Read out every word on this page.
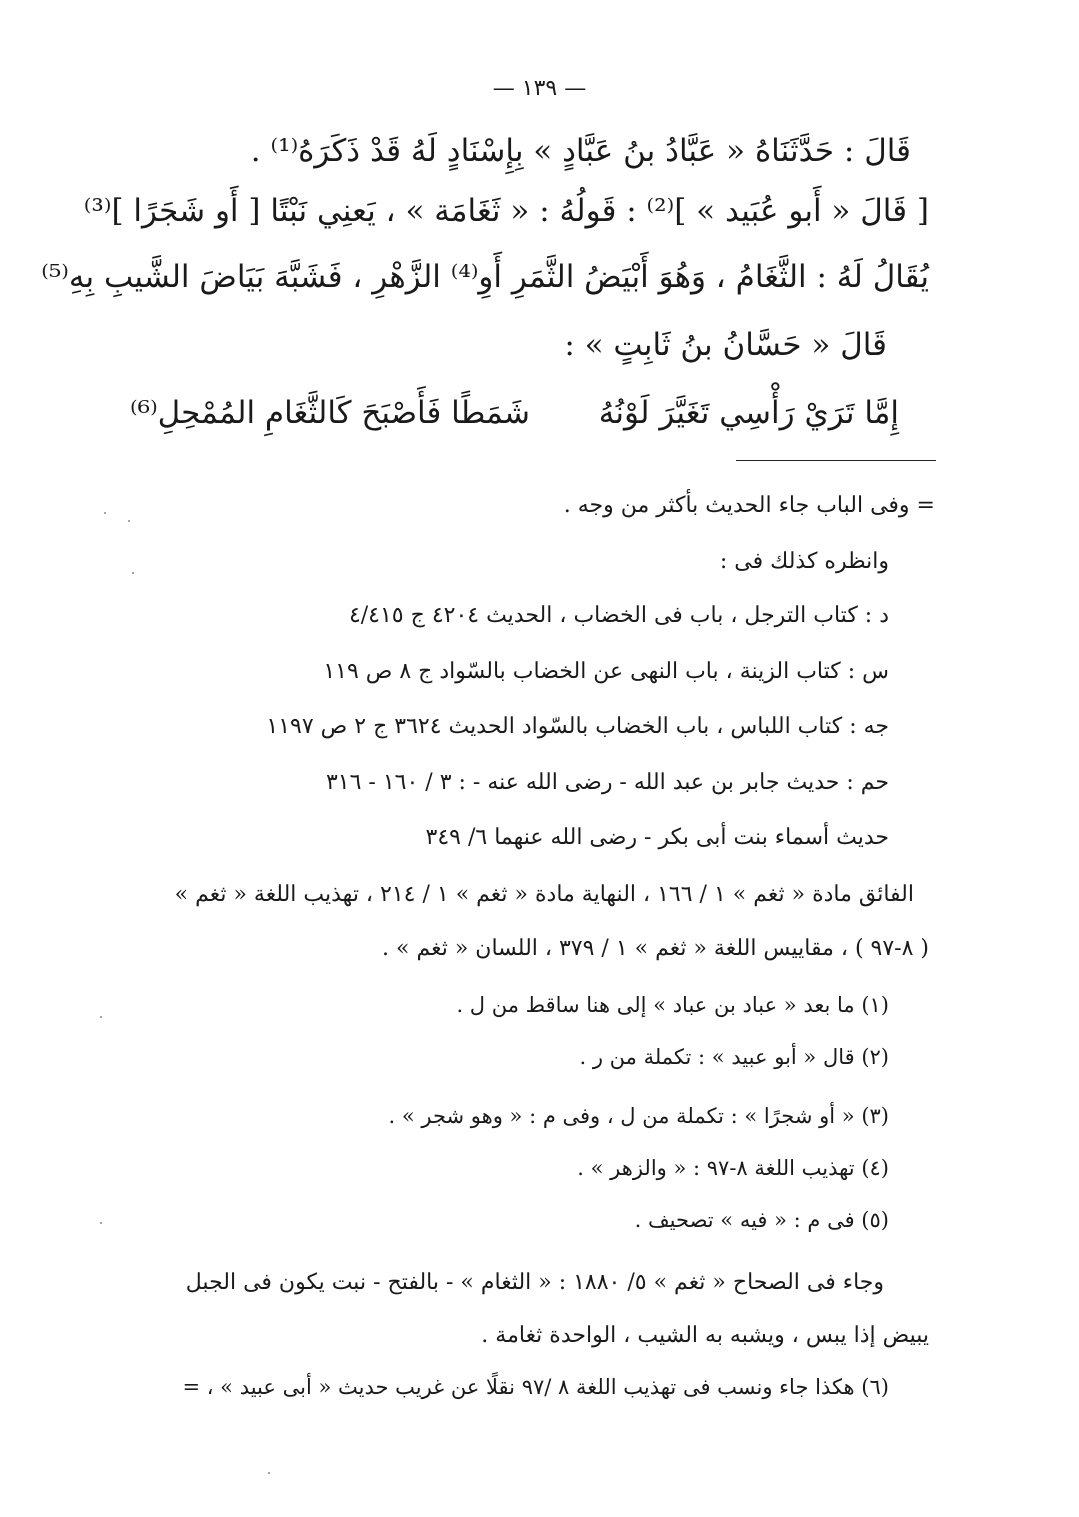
— ١٣٩ —
قَالَ : حَدَّثَنَاهُ « عَبَّادُ بنُ عَبَّادٍ » بِإِسْنَادٍ لَهُ قَدْ ذَكَرَهُ⁽¹⁾ .
[ قَالَ « أَبو عُبَيد » ]⁽²⁾ : قَولُهُ : « ثَغَامَة » ، يَعنِي نَبْتًا [ أَو شَجَرًا ]⁽³⁾
يُقَالُ لَهُ : الثَّغَامُ ، وَهُوَ أَبْيَضُ الثَّمَرِ أَوِ⁽⁴⁾ الزَّهْرِ ، فَشَبَّهَ بَيَاضَ الشَّيبِ بِهِ⁽⁵⁾
قَالَ « حَسَّانُ بنُ ثَابِتٍ » :
إِمَّا تَرَيْ رَأْسِي تَغَيَّرَ لَوْنُهُ
شَمَطًا فَأَصْبَحَ كَالثَّغَامِ المُمْحِلِ⁽⁶⁾
= وفى الباب جاء الحديث بأكثر من وجه .
وانظره كذلك فى :
د : كتاب الترجل ، باب فى الخضاب ، الحديث ٤٢٠٤ ج ٤/٤١٥
س : كتاب الزينة ، باب النهى عن الخضاب بالسّواد ج ٨ ص ١١٩
جه : كتاب اللباس ، باب الخضاب بالسّواد الحديث ٣٦٢٤ ج ٢ ص ١١٩٧
حم : حديث جابر بن عبد الله - رضى الله عنه - : ٣ / ١٦٠ - ٣١٦
حديث أسماء بنت أبى بكر - رضى الله عنهما ٦/ ٣٤٩
الفائق مادة « ثغم » ١ / ١٦٦ ، النهاية مادة « ثغم » ١ / ٢١٤ ، تهذيب اللغة « ثغم »
( ٨-٩٧ ) ، مقاييس اللغة « ثغم » ١ / ٣٧٩ ، اللسان « ثغم » .
(١) ما بعد « عباد بن عباد » إلى هنا ساقط من ل .
(٢) قال « أبو عبيد » : تكملة من ر .
(٣) « أو شجرًا » : تكملة من ل ، وفى م : « وهو شجر » .
(٤) تهذيب اللغة ٨-٩٧ : « والزهر » .
(٥) فى م : « فيه » تصحيف .
وجاء فى الصحاح « ثغم » ٥/ ١٨٨٠ : « الثغام » - بالفتح - نبت يكون فى الجبل
يبيض إذا يبس ، ويشبه به الشيب ، الواحدة ثغامة .
(٦) هكذا جاء ونسب فى تهذيب اللغة ٨ /٩٧ نقلًا عن غريب حديث « أبى عبيد » ، =
